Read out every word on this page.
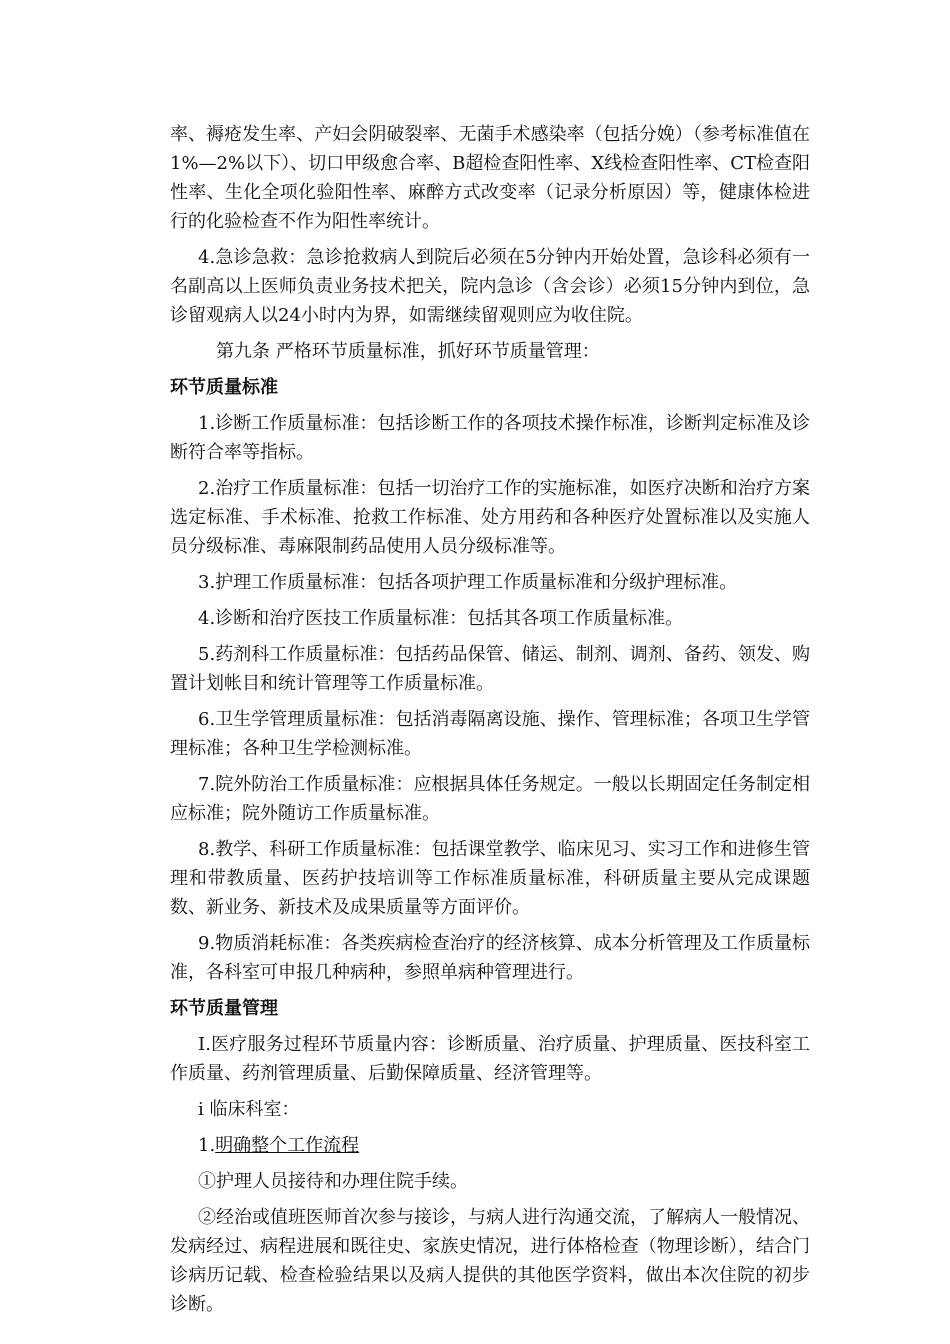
率、褥疮发生率、产妇会阴破裂率、无菌手术感染率（包括分娩）（参考标准值在1%—2%以下）、切口甲级愈合率、B超检查阳性率、X线检查阳性率、CT检查阳性率、生化全项化验阳性率、麻醉方式改变率（记录分析原因）等，健康体检进行的化验检查不作为阳性率统计。

4.急诊急救：急诊抢救病人到院后必须在5分钟内开始处置，急诊科必须有一名副高以上医师负责业务技术把关，院内急诊（含会诊）必须15分钟内到位，急诊留观病人以24小时内为界，如需继续留观则应为收住院。

第九条 严格环节质量标准，抓好环节质量管理：

环节质量标准

1.诊断工作质量标准：包括诊断工作的各项技术操作标准，诊断判定标准及诊断符合率等指标。

2.治疗工作质量标准：包括一切治疗工作的实施标准，如医疗决断和治疗方案选定标准、手术标准、抢救工作标准、处方用药和各种医疗处置标准以及实施人员分级标准、毒麻限制药品使用人员分级标准等。

3.护理工作质量标准：包括各项护理工作质量标准和分级护理标准。

4.诊断和治疗医技工作质量标准：包括其各项工作质量标准。

5.药剂科工作质量标准：包括药品保管、储运、制剂、调剂、备药、领发、购置计划帐目和统计管理等工作质量标准。

6.卫生学管理质量标准：包括消毒隔离设施、操作、管理标准；各项卫生学管理标准；各种卫生学检测标准。

7.院外防治工作质量标准：应根据具体任务规定。一般以长期固定任务制定相应标准；院外随访工作质量标准。

8.教学、科研工作质量标准：包括课堂教学、临床见习、实习工作和进修生管理和带教质量、医药护技培训等工作标准质量标准，科研质量主要从完成课题数、新业务、新技术及成果质量等方面评价。

9.物质消耗标准：各类疾病检查治疗的经济核算、成本分析管理及工作质量标准，各科室可申报几种病种，参照单病种管理进行。

环节质量管理

Ⅰ.医疗服务过程环节质量内容：诊断质量、治疗质量、护理质量、医技科室工作质量、药剂管理质量、后勤保障质量、经济管理等。

ⅰ 临床科室：

1.明确整个工作流程

①护理人员接待和办理住院手续。

②经治或值班医师首次参与接诊，与病人进行沟通交流，了解病人一般情况、发病经过、病程进展和既往史、家族史情况，进行体格检查（物理诊断），结合门诊病历记载、检查检验结果以及病人提供的其他医学资料，做出本次住院的初步诊断。
